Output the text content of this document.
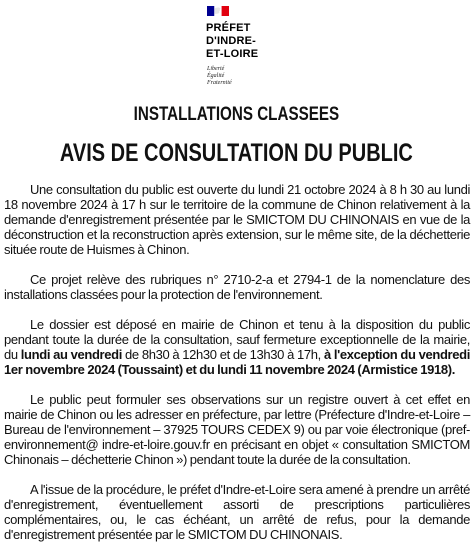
PRÉFET
D'INDRE-
ET-LOIRE
Liberté
Égalité
Fraternité
INSTALLATIONS CLASSEES
AVIS DE CONSULTATION DU PUBLIC

Une consultation du public est ouverte du lundi 21 octobre 2024 à 8 h 30 au lundi 18 novembre 2024 à 17 h sur le territoire de la commune de Chinon relativement à la demande d'enregistrement présentée par le SMICTOM DU CHINONAIS en vue de la déconstruction et la reconstruction après extension, sur le même site, de la déchetterie située route de Huismes à Chinon.

Ce projet relève des rubriques n° 2710-2-a et 2794-1 de la nomenclature des installations classées pour la protection de l'environnement.

Le dossier est déposé en mairie de Chinon et tenu à la disposition du public pendant toute la durée de la consultation, sauf fermeture exceptionnelle de la mairie, du lundi au vendredi de 8h30 à 12h30 et de 13h30 à 17h, à l'exception du vendredi 1er novembre 2024 (Toussaint) et du lundi 11 novembre 2024 (Armistice 1918).

Le public peut formuler ses observations sur un registre ouvert à cet effet en mairie de Chinon ou les adresser en préfecture, par lettre (Préfecture d'Indre-et-Loire – Bureau de l'environnement – 37925 TOURS CEDEX 9) ou par voie électronique (pref-environnement@ indre-et-loire.gouv.fr en précisant en objet « consultation SMICTOM Chinonais – déchetterie Chinon ») pendant toute la durée de la consultation.

A l'issue de la procédure, le préfet d'Indre-et-Loire sera amené à prendre un arrêté d'enregistrement, éventuellement assorti de prescriptions particulières complémentaires, ou, le cas échéant, un arrêté de refus, pour la demande d'enregistrement présentée par le SMICTOM DU CHINONAIS.
